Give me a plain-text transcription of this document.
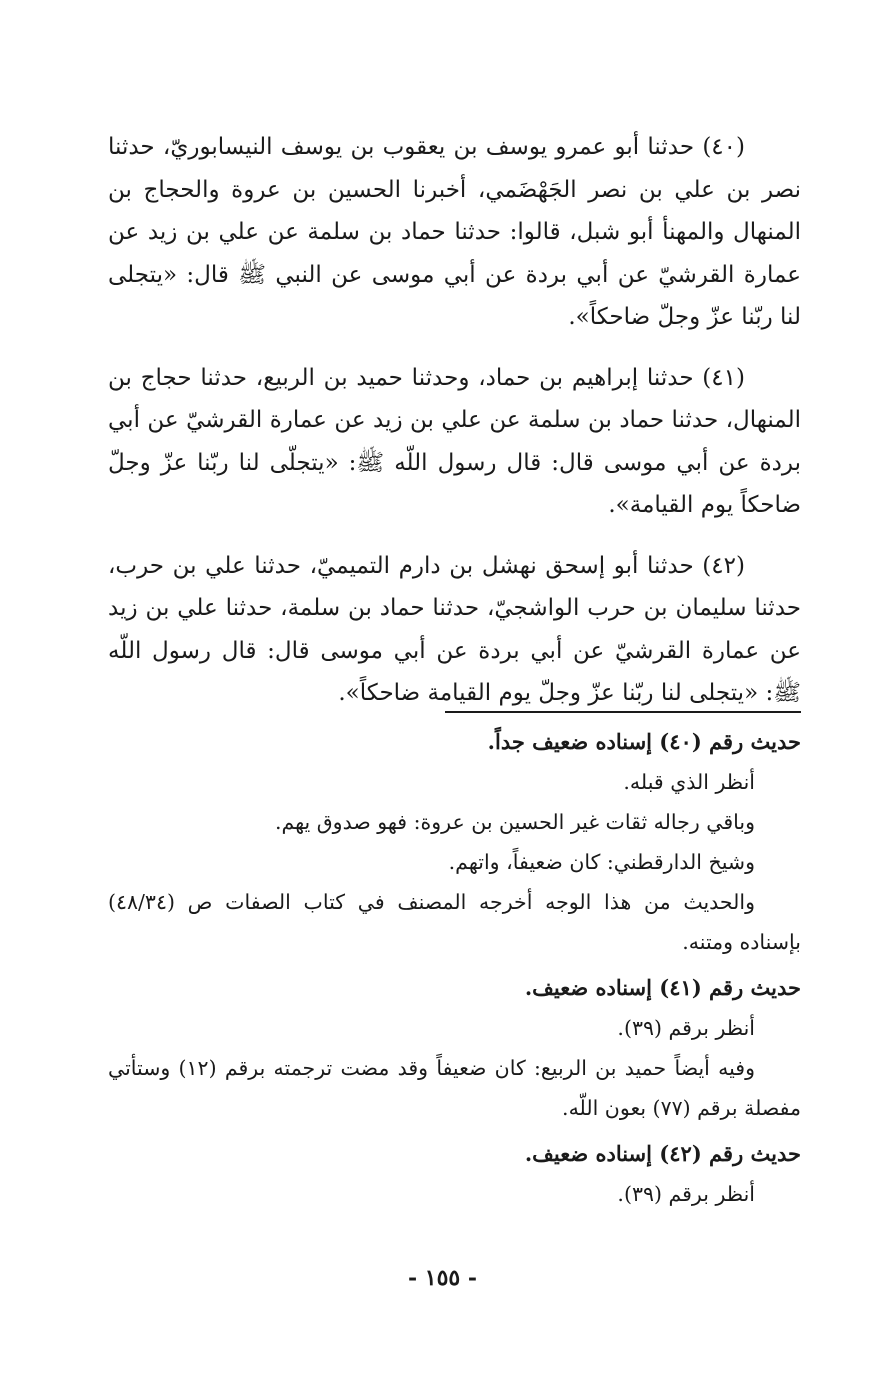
(٤٠) حدثنا أبو عمرو يوسف بن يعقوب بن يوسف النيسابوريّ، حدثنا نصر بن علي بن نصر الجَهْضَمي، أخبرنا الحسين بن عروة والحجاج بن المنهال والمهنأ أبو شبل، قالوا: حدثنا حماد بن سلمة عن علي بن زيد عن عمارة القرشيّ عن أبي بردة عن أبي موسى عن النبي ﷺ قال: «يتجلى لنا ربّنا عزّ وجلّ ضاحكاً».

(٤١) حدثنا إبراهيم بن حماد، وحدثنا حميد بن الربيع، حدثنا حجاج بن المنهال، حدثنا حماد بن سلمة عن علي بن زيد عن عمارة القرشيّ عن أبي بردة عن أبي موسى قال: قال رسول اللّه ﷺ: «يتجلّى لنا ربّنا عزّ وجلّ ضاحكاً يوم القيامة».

(٤٢) حدثنا أبو إسحق نهشل بن دارم التميميّ، حدثنا علي بن حرب، حدثنا سليمان بن حرب الواشجيّ، حدثنا حماد بن سلمة، حدثنا علي بن زيد عن عمارة القرشيّ عن أبي بردة عن أبي موسى قال: قال رسول اللّه ﷺ: «يتجلى لنا ربّنا عزّ وجلّ يوم القيامة ضاحكاً».

حديث رقم (٤٠) إسناده ضعيف جداً.

أنظر الذي قبله.

وباقي رجاله ثقات غير الحسين بن عروة: فهو صدوق يهم.

وشيخ الدارقطني: كان ضعيفاً، واتهم.

والحديث من هذا الوجه أخرجه المصنف في كتاب الصفات ص (٤٨/٣٤) بإسناده ومتنه.

حديث رقم (٤١) إسناده ضعيف.

أنظر برقم (٣٩).

وفيه أيضاً حميد بن الربيع: كان ضعيفاً وقد مضت ترجمته برقم (١٢) وستأتي مفصلة برقم (٧٧) بعون اللّه.

حديث رقم (٤٢) إسناده ضعيف.

أنظر برقم (٣٩).

- ١٥٥ -
